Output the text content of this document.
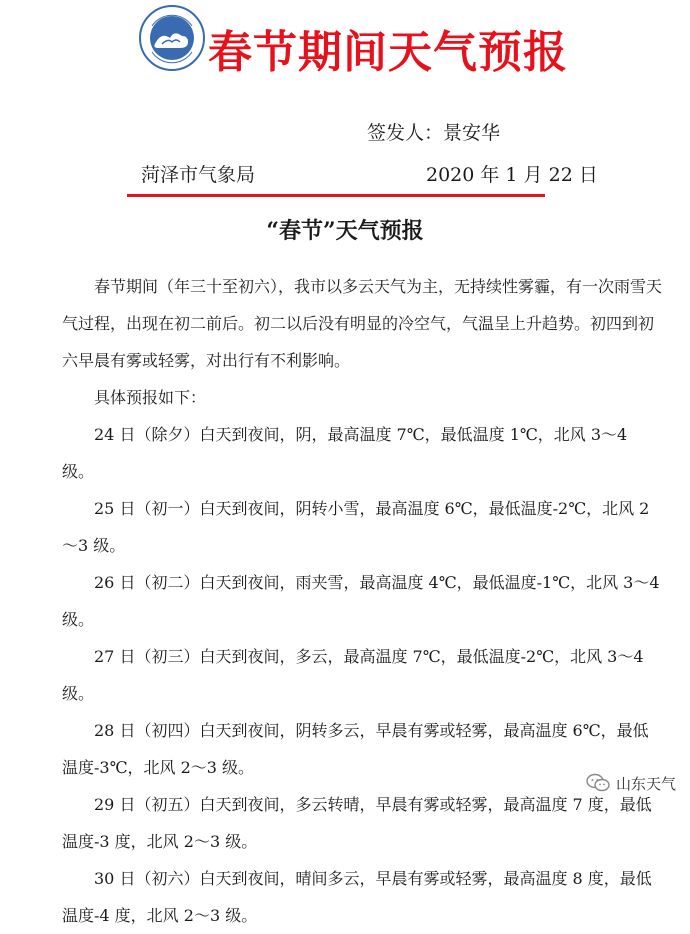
春节期间天气预报
签发人：景安华
菏泽市气象局	2020 年 1 月 22 日
“春节”天气预报

春节期间（年三十至初六），我市以多云天气为主，无持续性雾霾，有一次雨雪天气过程，出现在初二前后。初二以后没有明显的冷空气，气温呈上升趋势。初四到初六早晨有雾或轻雾，对出行有不利影响。

具体预报如下：

24 日（除夕）白天到夜间，阴，最高温度 7℃，最低温度 1℃，北风 3～4 级。

25 日（初一）白天到夜间，阴转小雪，最高温度 6℃，最低温度-2℃，北风 2～3 级。

26 日（初二）白天到夜间，雨夹雪，最高温度 4℃，最低温度-1℃，北风 3～4 级。

27 日（初三）白天到夜间，多云，最高温度 7℃，最低温度-2℃，北风 3～4 级。

28 日（初四）白天到夜间，阴转多云，早晨有雾或轻雾，最高温度 6℃，最低温度-3℃，北风 2～3 级。

29 日（初五）白天到夜间，多云转晴，早晨有雾或轻雾，最高温度 7 度，最低温度-3 度，北风 2～3 级。

30 日（初六）白天到夜间，晴间多云，早晨有雾或轻雾，最高温度 8 度，最低温度-4 度，北风 2～3 级。

山东天气
